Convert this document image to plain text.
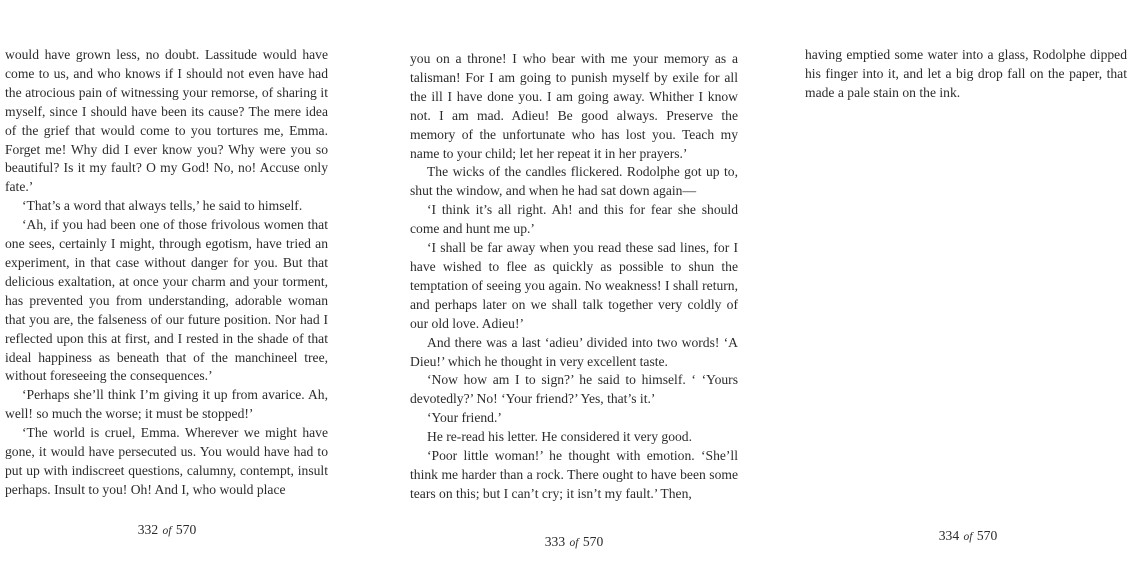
would have grown less, no doubt. Lassitude would have come to us, and who knows if I should not even have had the atrocious pain of witnessing your remorse, of sharing it myself, since I should have been its cause? The mere idea of the grief that would come to you tortures me, Emma. Forget me! Why did I ever know you? Why were you so beautiful? Is it my fault? O my God! No, no! Accuse only fate.’

‘That’s a word that always tells,’ he said to himself.

‘Ah, if you had been one of those frivolous women that one sees, certainly I might, through egotism, have tried an experiment, in that case without danger for you. But that delicious exaltation, at once your charm and your torment, has prevented you from understanding, adorable woman that you are, the falseness of our future position. Nor had I reflected upon this at first, and I rested in the shade of that ideal happiness as beneath that of the manchineel tree, without foreseeing the consequences.’

‘Perhaps she’ll think I’m giving it up from avarice. Ah, well! so much the worse; it must be stopped!’

‘The world is cruel, Emma. Wherever we might have gone, it would have persecuted us. You would have had to put up with indiscreet questions, calumny, contempt, insult perhaps. Insult to you! Oh! And I, who would place

332 of 570

you on a throne! I who bear with me your memory as a talisman! For I am going to punish myself by exile for all the ill I have done you. I am going away. Whither I know not. I am mad. Adieu! Be good always. Preserve the memory of the unfortunate who has lost you. Teach my name to your child; let her repeat it in her prayers.’

The wicks of the candles flickered. Rodolphe got up to, shut the window, and when he had sat down again—

‘I think it’s all right. Ah! and this for fear she should come and hunt me up.’

‘I shall be far away when you read these sad lines, for I have wished to flee as quickly as possible to shun the temptation of seeing you again. No weakness! I shall return, and perhaps later on we shall talk together very coldly of our old love. Adieu!’

And there was a last ‘adieu’ divided into two words! ‘A Dieu!’ which he thought in very excellent taste.

‘Now how am I to sign?’ he said to himself. ‘ ‘Yours devotedly?’ No! ‘Your friend?’ Yes, that’s it.’

‘Your friend.’

He re-read his letter. He considered it very good.

‘Poor little woman!’ he thought with emotion. ‘She’ll think me harder than a rock. There ought to have been some tears on this; but I can’t cry; it isn’t my fault.’ Then,

333 of 570

having emptied some water into a glass, Rodolphe dipped his finger into it, and let a big drop fall on the paper, that made a pale stain on the ink.

334 of 570
